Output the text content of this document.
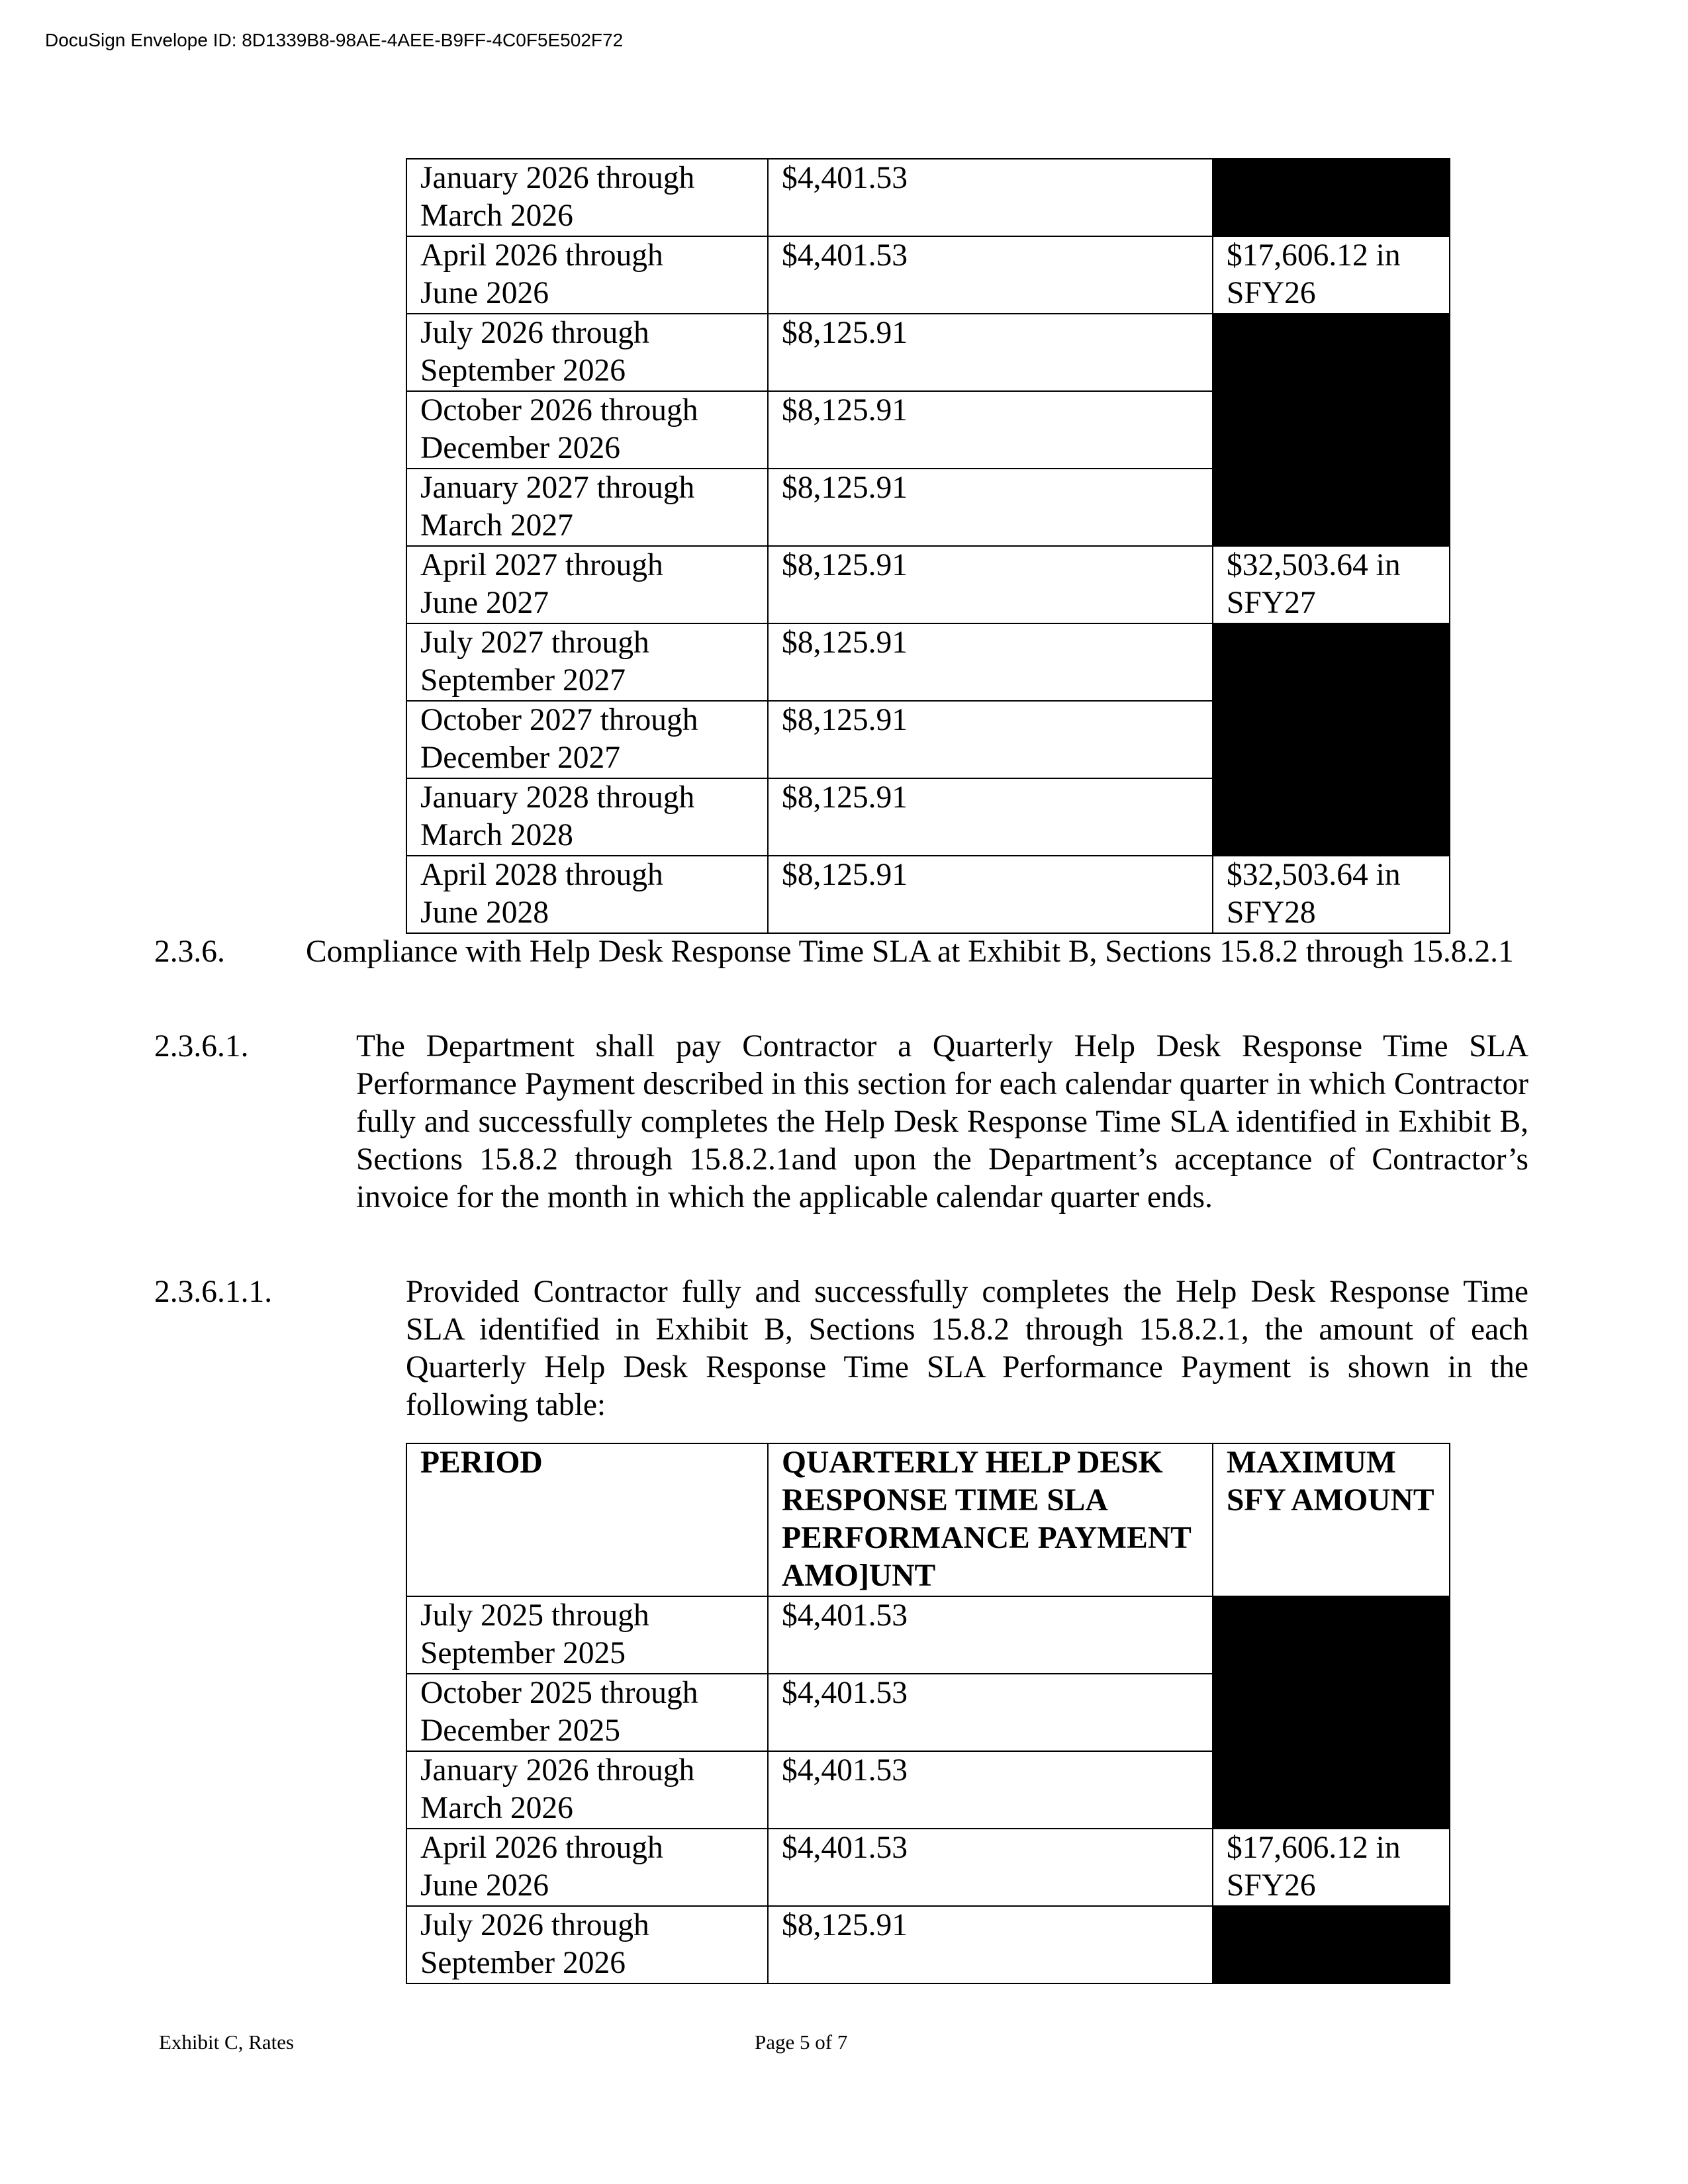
DocuSign Envelope ID: 8D1339B8-98AE-4AEE-B9FF-4C0F5E502F72
January 2026 through
March 2026	$4,401.53	

April 2026 through
June 2026	$4,401.53	$17,606.12 in
SFY26

July 2026 through
September 2026	$8,125.91	

October 2026 through
December 2026	$8,125.91	

January 2027 through
March 2027	$8,125.91	

April 2027 through
June 2027	$8,125.91	$32,503.64 in
SFY27

July 2027 through
September 2027	$8,125.91	

October 2027 through
December 2027	$8,125.91	

January 2028 through
March 2028	$8,125.91	

April 2028 through
June 2028	$8,125.91	$32,503.64 in
SFY28
2.3.6.	Compliance with Help Desk Response Time SLA at Exhibit B, Sections 15.8.2 through 15.8.2.1
2.3.6.1.	The Department shall pay Contractor a Quarterly Help Desk Response Time SLA Performance Payment described in this section for each calendar quarter in which Contractor fully and successfully completes the Help Desk Response Time SLA identified in Exhibit B, Sections 15.8.2 through 15.8.2.1and upon the Department’s acceptance of Contractor’s invoice for the month in which the applicable calendar quarter ends.
2.3.6.1.1.	Provided Contractor fully and successfully completes the Help Desk Response Time SLA identified in Exhibit B, Sections 15.8.2 through 15.8.2.1, the amount of each Quarterly Help Desk Response Time SLA Performance Payment is shown in the following table:
PERIOD	QUARTERLY HELP DESK RESPONSE TIME SLA PERFORMANCE PAYMENT AMO]UNT	MAXIMUM SFY AMOUNT

July 2025 through
September 2025	$4,401.53	

October 2025 through
December 2025	$4,401.53	

January 2026 through
March 2026	$4,401.53	

April 2026 through
June 2026	$4,401.53	$17,606.12 in
SFY26

July 2026 through
September 2026	$8,125.91	
Exhibit C, Rates	Page 5 of 7
